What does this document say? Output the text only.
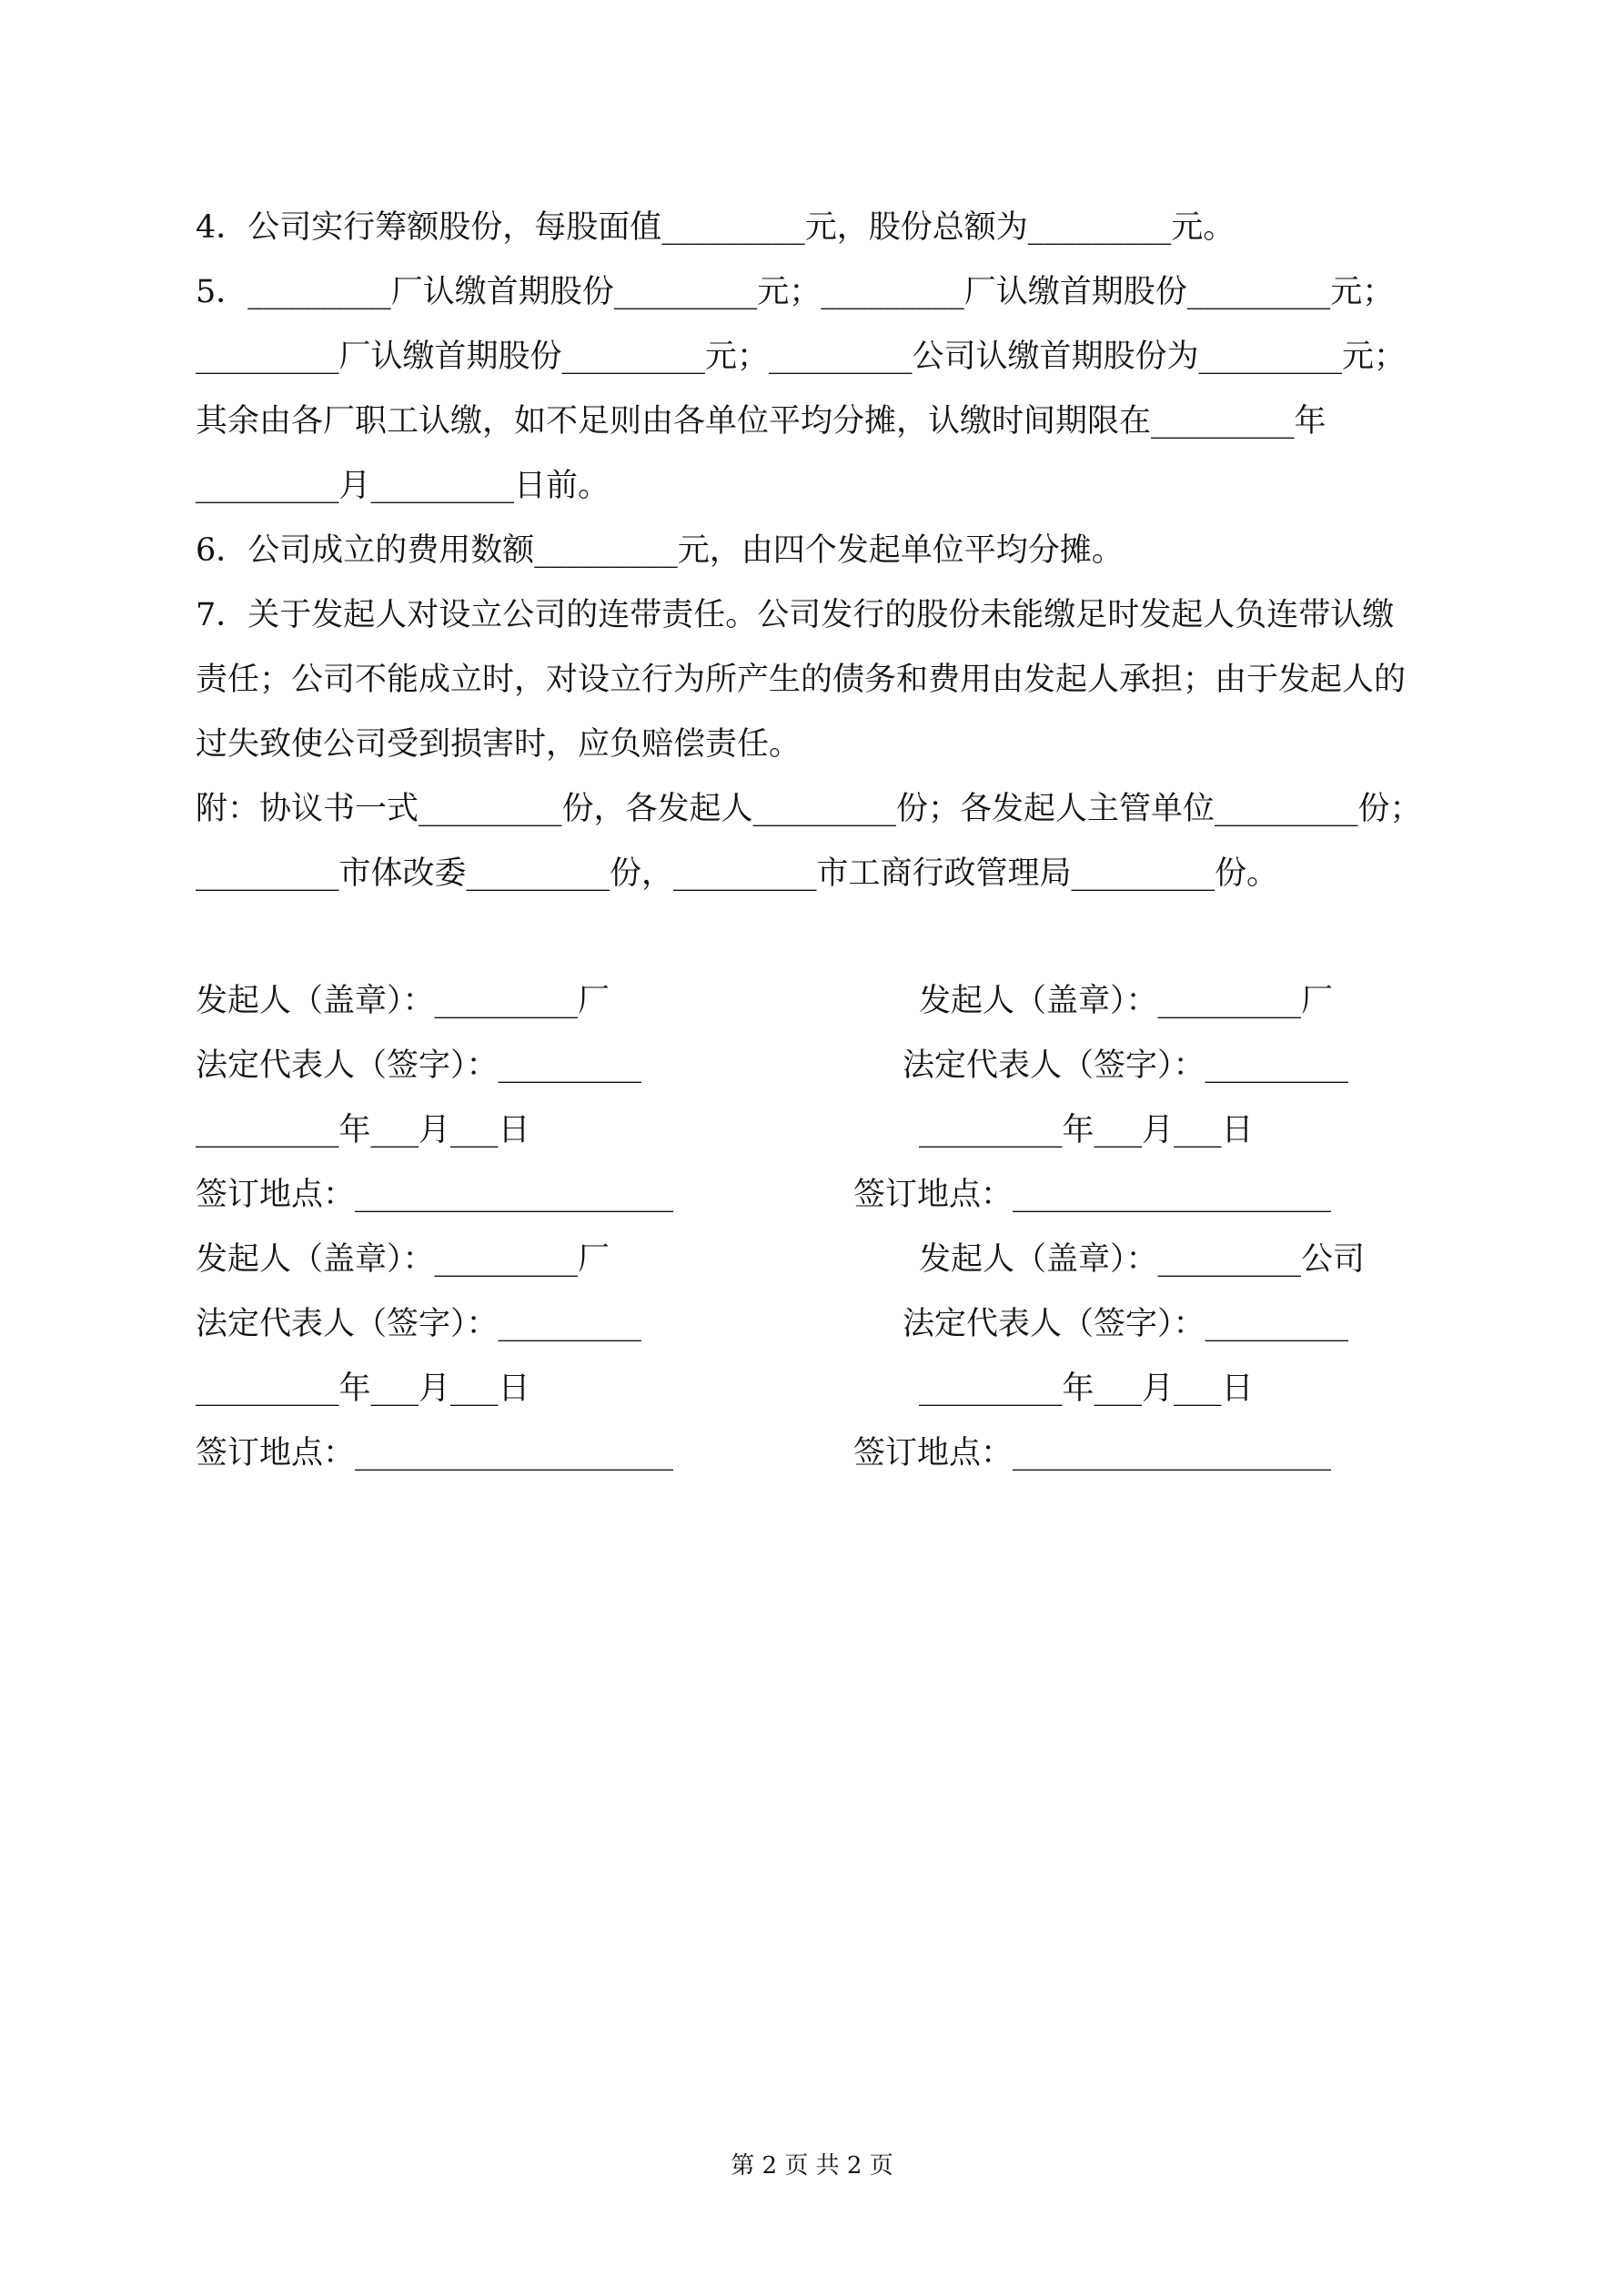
4．公司实行筹额股份，每股面值_________元，股份总额为_________元。
5．_________厂认缴首期股份_________元；_________厂认缴首期股份_________元；
_________厂认缴首期股份_________元；_________公司认缴首期股份为_________元；
其余由各厂职工认缴，如不足则由各单位平均分摊，认缴时间期限在_________年
_________月_________日前。
6．公司成立的费用数额_________元，由四个发起单位平均分摊。
7．关于发起人对设立公司的连带责任。公司发行的股份未能缴足时发起人负连带认缴
责任；公司不能成立时，对设立行为所产生的债务和费用由发起人承担；由于发起人的
过失致使公司受到损害时，应负赔偿责任。
附：协议书一式_________份，各发起人_________份；各发起人主管单位_________份；
_________市体改委_________份，_________市工商行政管理局_________份。
发起人（盖章）：_________厂
法定代表人（签字）：_________
_________年___月___日
签订地点：____________________
发起人（盖章）：_________厂
法定代表人（签字）：_________
_________年___月___日
签订地点：____________________
发起人（盖章）：_________厂
法定代表人（签字）：_________
_________年___月___日
签订地点：____________________
发起人（盖章）：_________公司
法定代表人（签字）：_________
_________年___月___日
签订地点：____________________
第 2 页 共 2 页
